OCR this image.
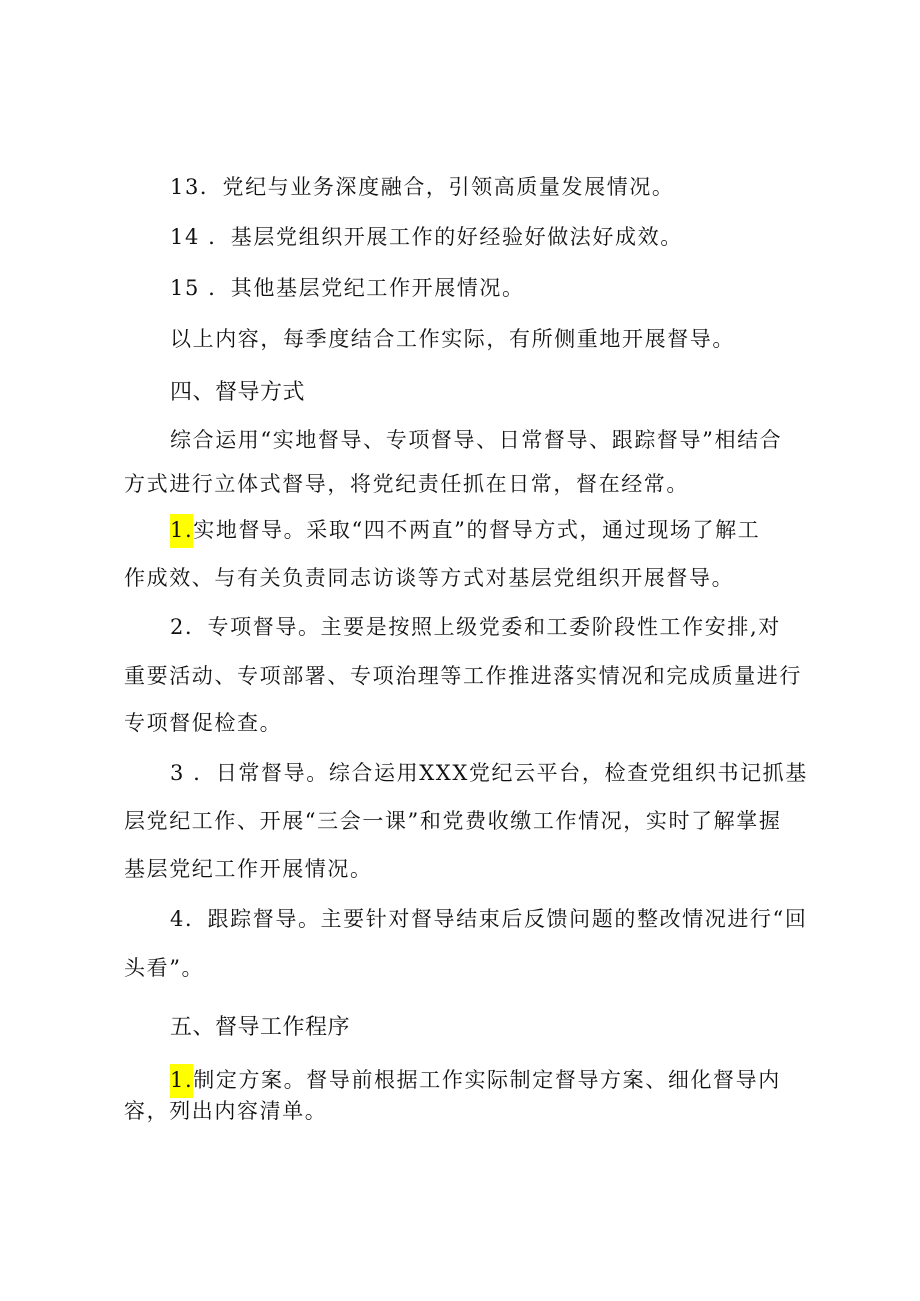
13．党纪与业务深度融合，引领高质量发展情况。
14 ．基层党组织开展工作的好经验好做法好成效。
15 ．其他基层党纪工作开展情况。
以上内容，每季度结合工作实际，有所侧重地开展督导。
四、督导方式
综合运用“实地督导、专项督导、日常督导、跟踪督导”相结合
方式进行立体式督导，将党纪责任抓在日常，督在经常。
1.实地督导。采取“四不两直”的督导方式，通过现场了解工
作成效、与有关负责同志访谈等方式对基层党组织开展督导。
2．专项督导。主要是按照上级党委和工委阶段性工作安排,对
重要活动、专项部署、专项治理等工作推进落实情况和完成质量进行
专项督促检查。
3 ．日常督导。综合运用XXX党纪云平台，检查党组织书记抓基
层党纪工作、开展“三会一课”和党费收缴工作情况，实时了解掌握
基层党纪工作开展情况。
4．跟踪督导。主要针对督导结束后反馈问题的整改情况进行“回
头看”。
五、督导工作程序
1.制定方案。督导前根据工作实际制定督导方案、细化督导内
容，列出内容清单。
